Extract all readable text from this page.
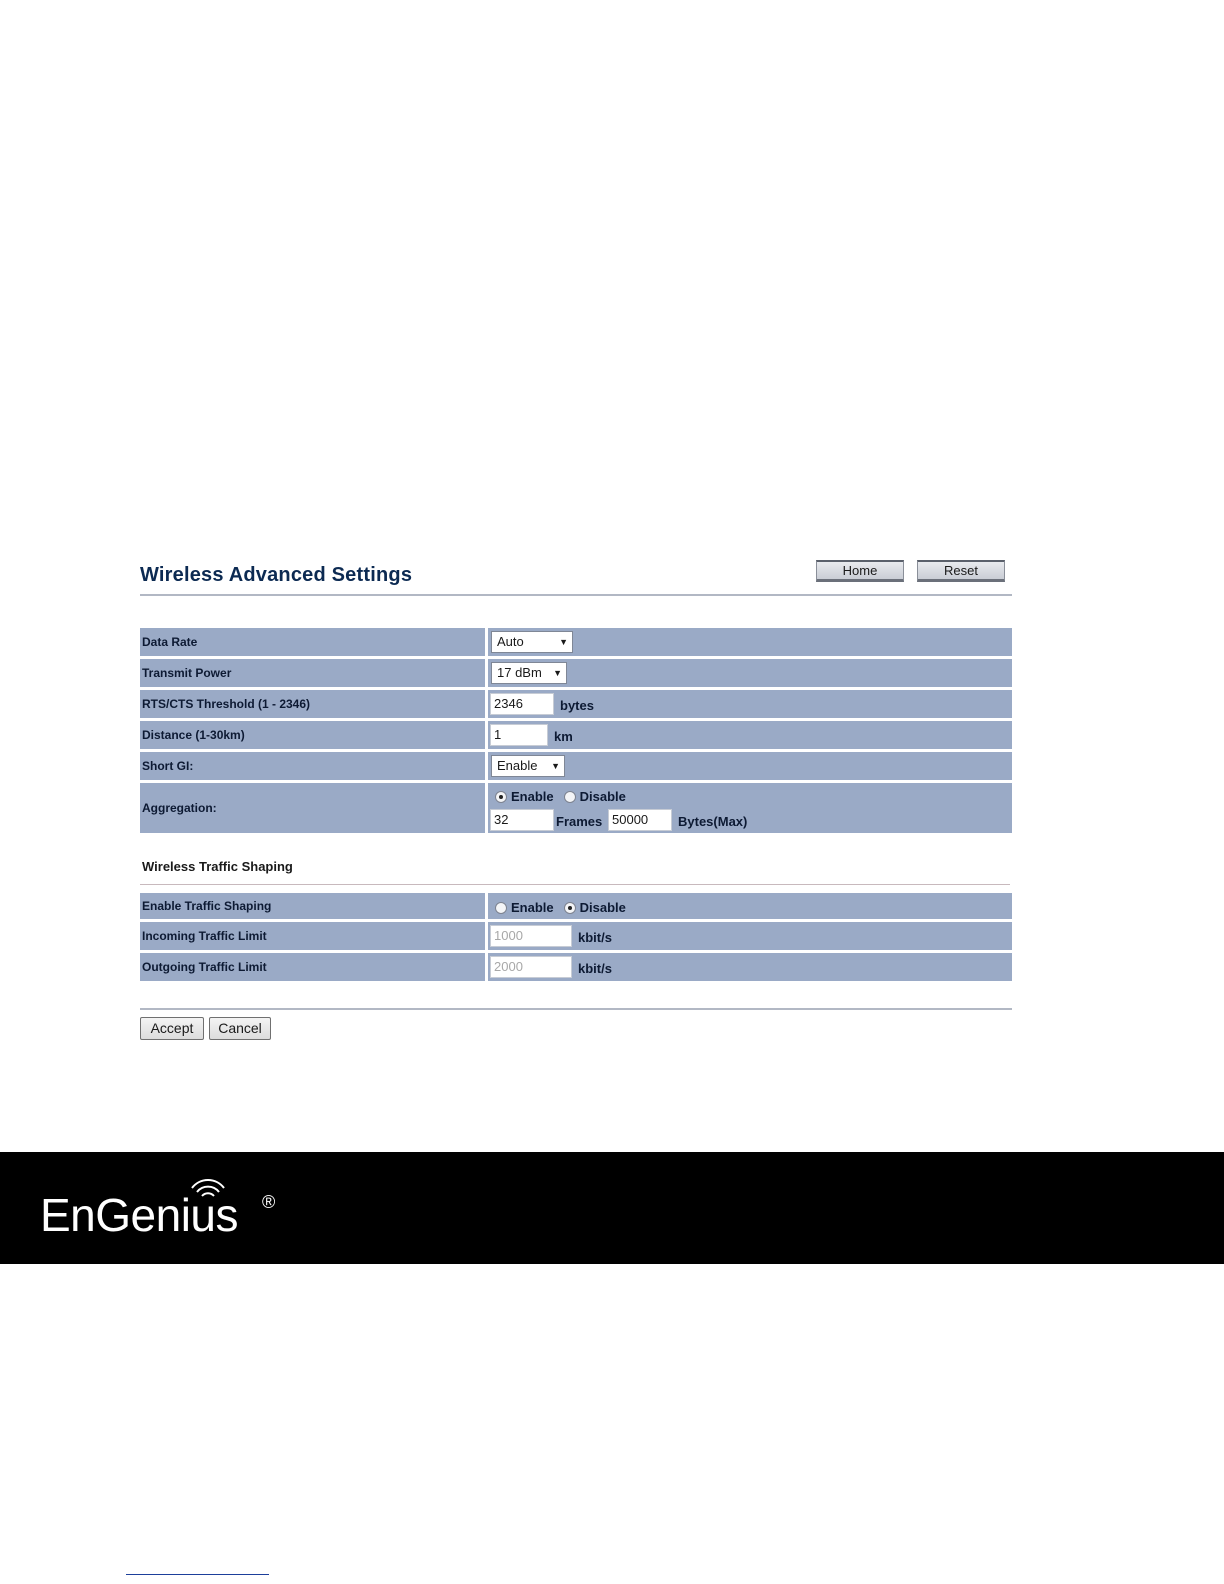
Wireless Advanced Settings	Home	Reset
Data Rate	Auto	▼
Transmit Power	17 dBm ▼
RTS/CTS Threshold (1 - 2346)	2346	bytes
Distance (1-30km)	1	km
Short GI:	Enable ▼
Aggregation:
Enable Disable
32	Frames 50000	Bytes(Max)
Wireless Traffic Shaping
Enable Traffic Shaping	Enable Disable
Incoming Traffic Limit	1000	kbit/s
Outgoing Traffic Limit	2000	kbit/s
Accept	Cancel
EnGenius ®
